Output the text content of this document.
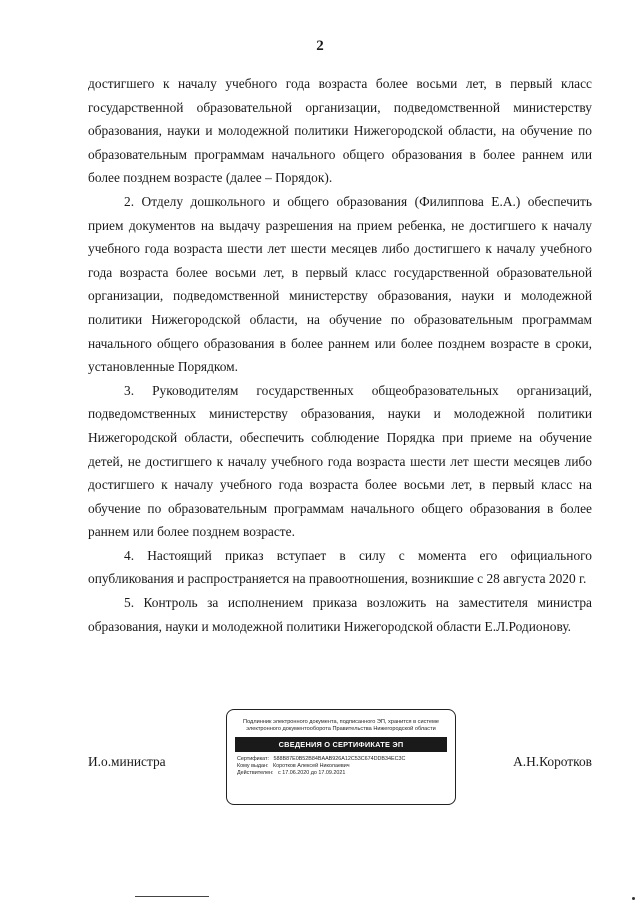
2

достигшего к началу учебного года возраста более восьми лет, в первый класс государственной образовательной организации, подведомственной министерству образования, науки и молодежной политики Нижегородской области, на обучение по образовательным программам начального общего образования в более раннем или более позднем возрасте (далее – Порядок).

2. Отделу дошкольного и общего образования (Филиппова Е.А.) обеспечить прием документов на выдачу разрешения на прием ребенка, не достигшего к началу учебного года возраста шести лет шести месяцев либо достигшего к началу учебного года возраста более восьми лет, в первый класс государственной образовательной организации, подведомственной министерству образования, науки и молодежной политики Нижегородской области, на обучение по образовательным программам начального общего образования в более раннем или более позднем возрасте в сроки, установленные Порядком.

3. Руководителям государственных общеобразовательных организаций, подведомственных министерству образования, науки и молодежной политики Нижегородской области, обеспечить соблюдение Порядка при приеме на обучение детей, не достигшего к началу учебного года возраста шести лет шести месяцев либо достигшего к началу учебного года возраста более восьми лет, в первый класс на обучение по образовательным программам начального общего образования в более раннем или более позднем возрасте.

4. Настоящий приказ вступает в силу с момента его официального опубликования и распространяется на правоотношения, возникшие с 28 августа 2020 г.

5. Контроль за исполнением приказа возложить на заместителя министра образования, науки и молодежной политики Нижегородской области Е.Л.Родионову.

И.о.министра	А.Н.Коротков
Подлинник электронного документа, подписанного ЭП, хранится в системе электронного документооборота Правительства Нижегородской области
СВЕДЕНИЯ О СЕРТИФИКАТЕ ЭП
Сертификат: 588B87E0B52B84BAAB926A12C53C674DDB34EC3C
Кому выдан: Коротков Алексей Николаевич
Действителен: с 17.06.2020 до 17.09.2021
